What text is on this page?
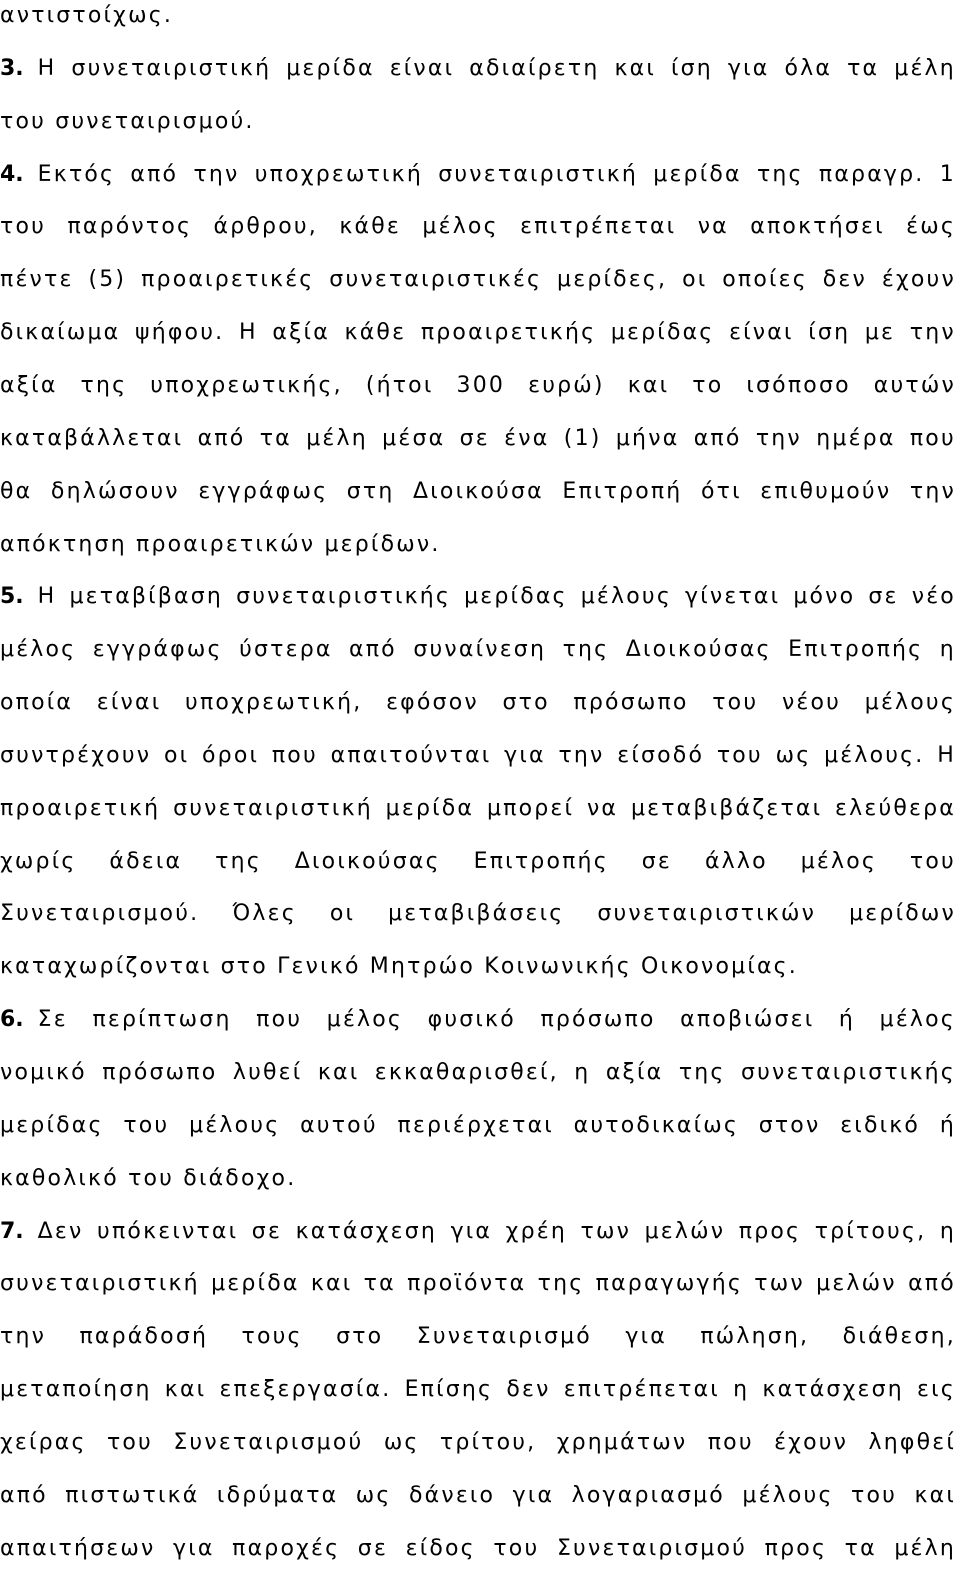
αντιστοίχως.
3. Η συνεταιριστική μερίδα είναι αδιαίρετη και ίση για όλα τα μέλη
του συνεταιρισμού.
4. Εκτός από την υποχρεωτική συνεταιριστική μερίδα της παραγρ. 1
του παρόντος άρθρου, κάθε μέλος επιτρέπεται να αποκτήσει έως
πέντε (5) προαιρετικές συνεταιριστικές μερίδες, οι οποίες δεν έχουν
δικαίωμα ψήφου. Η αξία κάθε προαιρετικής μερίδας είναι ίση με την
αξία της υποχρεωτικής, (ήτοι 300 ευρώ) και το ισόποσο αυτών
καταβάλλεται από τα μέλη μέσα σε ένα (1) μήνα από την ημέρα που
θα δηλώσουν εγγράφως στη Διοικούσα Επιτροπή ότι επιθυμούν την
απόκτηση προαιρετικών μερίδων.
5. Η μεταβίβαση συνεταιριστικής μερίδας μέλους γίνεται μόνο σε νέο
μέλος εγγράφως ύστερα από συναίνεση της Διοικούσας Επιτροπής η
οποία είναι υποχρεωτική, εφόσον στο πρόσωπο του νέου μέλους
συντρέχουν οι όροι που απαιτούνται για την είσοδό του ως μέλους. Η
προαιρετική συνεταιριστική μερίδα μπορεί να μεταβιβάζεται ελεύθερα
χωρίς άδεια της Διοικούσας Επιτροπής σε άλλο μέλος του
Συνεταιρισμού. Όλες οι μεταβιβάσεις συνεταιριστικών μερίδων
καταχωρίζονται στο Γενικό Μητρώο Κοινωνικής Οικονομίας.
6. Σε περίπτωση που μέλος φυσικό πρόσωπο αποβιώσει ή μέλος
νομικό πρόσωπο λυθεί και εκκαθαρισθεί, η αξία της συνεταιριστικής
μερίδας του μέλους αυτού περιέρχεται αυτοδικαίως στον ειδικό ή
καθολικό του διάδοχο.
7. Δεν υπόκεινται σε κατάσχεση για χρέη των μελών προς τρίτους, η
συνεταιριστική μερίδα και τα προϊόντα της παραγωγής των μελών από
την παράδοσή τους στο Συνεταιρισμό για πώληση, διάθεση,
μεταποίηση και επεξεργασία. Επίσης δεν επιτρέπεται η κατάσχεση εις
χείρας του Συνεταιρισμού ως τρίτου, χρημάτων που έχουν ληφθεί
από πιστωτικά ιδρύματα ως δάνειο για λογαριασμό μέλους του και
απαιτήσεων για παροχές σε είδος του Συνεταιρισμού προς τα μέλη
